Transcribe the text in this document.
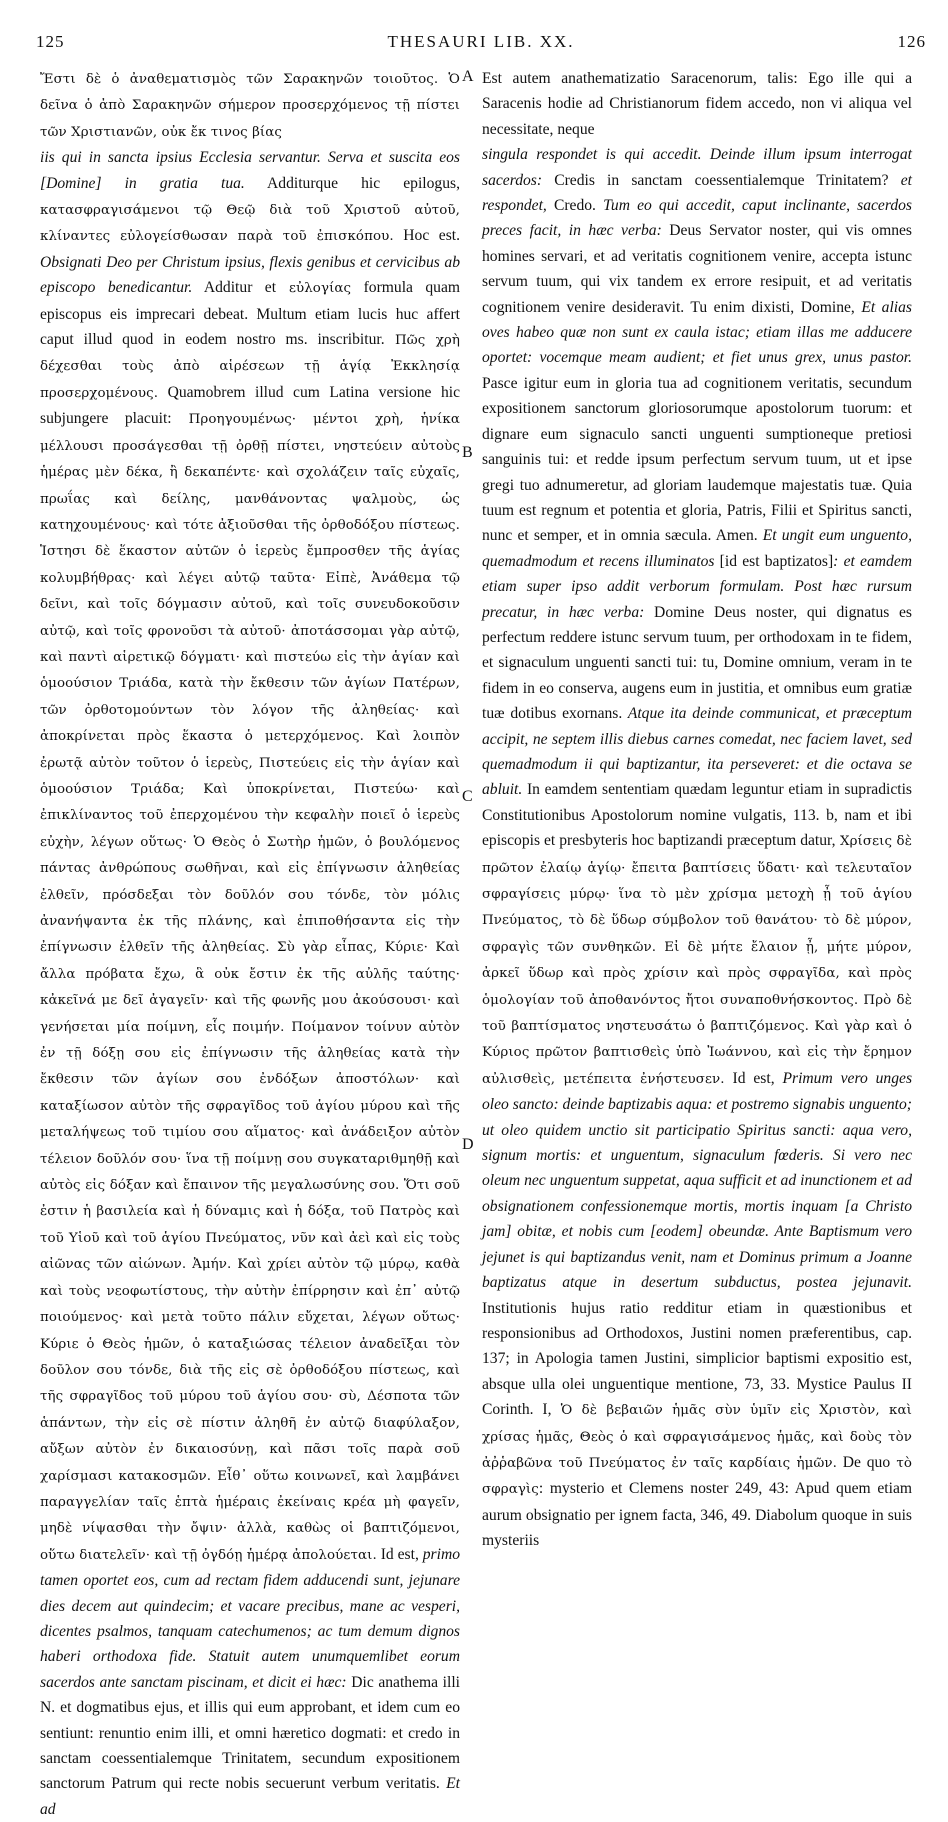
125	THESAURI LIB. XX.	126
A
B
C
D

Ἔστι δὲ ὁ ἀναθεματισμὸς τῶν Σαρακηνῶν τοιοῦτος. Ὁ δεῖνα ὁ ἀπὸ Σαρακηνῶν σήμερον προσερχόμενος τῇ πίστει τῶν Χριστιανῶν, οὐκ ἔκ τινος βίας

iis qui in sancta ipsius Ecclesia servantur. Serva et suscita eos [Domine] in gratia tua. Additurque hic epilogus, κατασφραγισάμενοι τῷ Θεῷ διὰ τοῦ Χριστοῦ αὐτοῦ, κλίναντες εὐλογείσθωσαν παρὰ τοῦ ἐπισκόπου. Hoc est. Obsignati Deo per Christum ipsius, flexis genibus et cervicibus ab episcopo benedicantur. Additur et εὐλογίας formula quam episcopus eis imprecari debeat. Multum etiam lucis huc affert caput illud quod in eodem nostro ms. inscribitur. Πῶς χρὴ δέχεσθαι τοὺς ἀπὸ αἱρέσεων τῇ ἁγίᾳ Ἐκκλησίᾳ προσερχομένους. Quamobrem illud cum Latina versione hic subjungere placuit: Προηγουμένως· μέντοι χρὴ, ἡνίκα μέλλουσι προσάγεσθαι τῇ ὀρθῇ πίστει, νηστεύειν αὐτοὺς ἡμέρας μὲν δέκα, ἢ δεκαπέντε· καὶ σχολάζειν ταῖς εὐχαῖς, πρωΐας καὶ δείλης, μανθάνοντας ψαλμοὺς, ὡς κατηχουμένους· καὶ τότε ἀξιοῦσθαι τῆς ὀρθοδόξου πίστεως. Ἱστησι δὲ ἕκαστον αὐτῶν ὁ ἱερεὺς ἔμπροσθεν τῆς ἁγίας κολυμβήθρας· καὶ λέγει αὐτῷ ταῦτα· Εἰπὲ, Ἀνάθεμα τῷ δεῖνι, καὶ τοῖς δόγμασιν αὐτοῦ, καὶ τοῖς συνευδοκοῦσιν αὐτῷ, καὶ τοῖς φρονοῦσι τὰ αὐτοῦ· ἀποτάσσομαι γὰρ αὐτῷ, καὶ παντὶ αἱρετικῷ δόγματι· καὶ πιστεύω εἰς τὴν ἁγίαν καὶ ὁμοούσιον Τριάδα, κατὰ τὴν ἔκθεσιν τῶν ἁγίων Πατέρων, τῶν ὀρθοτομούντων τὸν λόγον τῆς ἀληθείας· καὶ ἀποκρίνεται πρὸς ἕκαστα ὁ μετερχόμενος. Καὶ λοιπὸν ἐρωτᾷ αὐτὸν τοῦτον ὁ ἱερεὺς, Πιστεύεις εἰς τὴν ἁγίαν καὶ ὁμοούσιον Τριάδα; Καὶ ὑποκρίνεται, Πιστεύω· καὶ ἐπικλίναντος τοῦ ἐπερχομένου τὴν κεφαλὴν ποιεῖ ὁ ἱερεὺς εὐχὴν, λέγων οὕτως· Ὁ Θεὸς ὁ Σωτὴρ ἡμῶν, ὁ βουλόμενος πάντας ἀνθρώπους σωθῆναι, καὶ εἰς ἐπίγνωσιν ἀληθείας ἐλθεῖν, πρόσδεξαι τὸν δοῦλόν σου τόνδε, τὸν μόλις ἀνανήψαντα ἐκ τῆς πλάνης, καὶ ἐπιποθήσαντα εἰς τὴν ἐπίγνωσιν ἐλθεῖν τῆς ἀληθείας. Σὺ γὰρ εἶπας, Κύριε· Καὶ ἄλλα πρόβατα ἔχω, ἃ οὐκ ἔστιν ἐκ τῆς αὐλῆς ταύτης· κἀκεῖνά με δεῖ ἀγαγεῖν· καὶ τῆς φωνῆς μου ἀκούσουσι· καὶ γενήσεται μία ποίμνη, εἷς ποιμήν. Ποίμανον τοίνυν αὐτὸν ἐν τῇ δόξῃ σου εἰς ἐπίγνωσιν τῆς ἀληθείας κατὰ τὴν ἔκθεσιν τῶν ἁγίων σου ἐνδόξων ἀποστόλων· καὶ καταξίωσον αὐτὸν τῆς σφραγῖδος τοῦ ἁγίου μύρου καὶ τῆς μεταλήψεως τοῦ τιμίου σου αἵματος· καὶ ἀνάδειξον αὐτὸν τέλειον δοῦλόν σου· ἵνα τῇ ποίμνῃ σου συγκαταριθμηθῇ καὶ αὐτὸς εἰς δόξαν καὶ ἔπαινον τῆς μεγαλωσύνης σου. Ὅτι σοῦ ἐστιν ἡ βασιλεία καὶ ἡ δύναμις καὶ ἡ δόξα, τοῦ Πατρὸς καὶ τοῦ Υἱοῦ καὶ τοῦ ἁγίου Πνεύματος, νῦν καὶ ἀεὶ καὶ εἰς τοὺς αἰῶνας τῶν αἰώνων. Ἀμήν. Καὶ χρίει αὐτὸν τῷ μύρῳ, καθὰ καὶ τοὺς νεοφωτίστους, τὴν αὐτὴν ἐπίρρησιν καὶ ἐπ᾽ αὐτῷ ποιούμενος· καὶ μετὰ τοῦτο πάλιν εὔχεται, λέγων οὕτως· Κύριε ὁ Θεὸς ἡμῶν, ὁ καταξιώσας τέλειον ἀναδεῖξαι τὸν δοῦλον σου τόνδε, διὰ τῆς εἰς σὲ ὀρθοδόξου πίστεως, καὶ τῆς σφραγῖδος τοῦ μύρου τοῦ ἁγίου σου· σὺ, Δέσποτα τῶν ἁπάντων, τὴν εἰς σὲ πίστιν ἀληθῆ ἐν αὐτῷ διαφύλαξον, αὔξων αὐτὸν ἐν δικαιοσύνῃ, καὶ πᾶσι τοῖς παρὰ σοῦ χαρίσμασι κατακοσμῶν. Εἶθ᾽ οὕτω κοινωνεῖ, καὶ λαμβάνει παραγγελίαν ταῖς ἑπτὰ ἡμέραις ἐκείναις κρέα μὴ φαγεῖν, μηδὲ νίψασθαι τὴν ὄψιν· ἀλλὰ, καθὼς οἱ βαπτιζόμενοι, οὕτω διατελεῖν· καὶ τῇ ὀγδόῃ ἡμέρᾳ ἀπολούεται. Id est, primo tamen oportet eos, cum ad rectam fidem adducendi sunt, jejunare dies decem aut quindecim; et vacare precibus, mane ac vesperi, dicentes psalmos, tanquam catechumenos; ac tum demum dignos haberi orthodoxa fide. Statuit autem unumquemlibet eorum sacerdos ante sanctam piscinam, et dicit ei hæc: Dic anathema illi N. et dogmatibus ejus, et illis qui eum approbant, et idem cum eo sentiunt: renuntio enim illi, et omni hæretico dogmati: et credo in sanctam coessentialemque Trinitatem, secundum expositionem sanctorum Patrum qui recte nobis secuerunt verbum veritatis. Et ad

Est autem anathematizatio Saracenorum, talis: Ego ille qui a Saracenis hodie ad Christianorum fidem accedo, non vi aliqua vel necessitate, neque

singula respondet is qui accedit. Deinde illum ipsum interrogat sacerdos: Credis in sanctam coessentialemque Trinitatem? et respondet, Credo. Tum eo qui accedit, caput inclinante, sacerdos preces facit, in hæc verba: Deus Servator noster, qui vis omnes homines servari, et ad veritatis cognitionem venire, accepta istunc servum tuum, qui vix tandem ex errore resipuit, et ad veritatis cognitionem venire desideravit. Tu enim dixisti, Domine, Et alias oves habeo quæ non sunt ex caula istac; etiam illas me adducere oportet: vocemque meam audient; et fiet unus grex, unus pastor. Pasce igitur eum in gloria tua ad cognitionem veritatis, secundum expositionem sanctorum gloriosorumque apostolorum tuorum: et dignare eum signaculo sancti unguenti sumptioneque pretiosi sanguinis tui: et redde ipsum perfectum servum tuum, ut et ipse gregi tuo adnumeretur, ad gloriam laudemque majestatis tuæ. Quia tuum est regnum et potentia et gloria, Patris, Filii et Spiritus sancti, nunc et semper, et in omnia sæcula. Amen. Et ungit eum unguento, quemadmodum et recens illuminatos [id est baptizatos]: et eamdem etiam super ipso addit verborum formulam. Post hæc rursum precatur, in hæc verba: Domine Deus noster, qui dignatus es perfectum reddere istunc servum tuum, per orthodoxam in te fidem, et signaculum unguenti sancti tui: tu, Domine omnium, veram in te fidem in eo conserva, augens eum in justitia, et omnibus eum gratiæ tuæ dotibus exornans. Atque ita deinde communicat, et præceptum accipit, ne septem illis diebus carnes comedat, nec faciem lavet, sed quemadmodum ii qui baptizantur, ita perseveret: et die octava se abluit. In eamdem sententiam quædam leguntur etiam in supradictis Constitutionibus Apostolorum nomine vulgatis, 113. b, nam et ibi episcopis et presbyteris hoc baptizandi præceptum datur, Χρίσεις δὲ πρῶτον ἐλαίῳ ἁγίῳ· ἔπειτα βαπτίσεις ὕδατι· καὶ τελευταῖον σφραγίσεις μύρῳ· ἵνα τὸ μὲν χρίσμα μετοχὴ ᾖ τοῦ ἁγίου Πνεύματος, τὸ δὲ ὕδωρ σύμβολον τοῦ θανάτου· τὸ δὲ μύρον, σφραγὶς τῶν συνθηκῶν. Εἰ δὲ μήτε ἔλαιον ᾖ, μήτε μύρον, ἀρκεῖ ὕδωρ καὶ πρὸς χρίσιν καὶ πρὸς σφραγῖδα, καὶ πρὸς ὁμολογίαν τοῦ ἀποθανόντος ἤτοι συναποθνήσκοντος. Πρὸ δὲ τοῦ βαπτίσματος νηστευσάτω ὁ βαπτιζόμενος. Καὶ γὰρ καὶ ὁ Κύριος πρῶτον βαπτισθεὶς ὑπὸ Ἰωάννου, καὶ εἰς τὴν ἔρημον αὐλισθεὶς, μετέπειτα ἐνήστευσεν. Id est, Primum vero unges oleo sancto: deinde baptizabis aqua: et postremo signabis unguento; ut oleo quidem unctio sit participatio Spiritus sancti: aqua vero, signum mortis: et unguentum, signaculum fœderis. Si vero nec oleum nec unguentum suppetat, aqua sufficit et ad inunctionem et ad obsignationem confessionemque mortis, mortis inquam [a Christo jam] obitæ, et nobis cum [eodem] obeundæ. Ante Baptismum vero jejunet is qui baptizandus venit, nam et Dominus primum a Joanne baptizatus atque in desertum subductus, postea jejunavit. Institutionis hujus ratio redditur etiam in quæstionibus et responsionibus ad Orthodoxos, Justini nomen præferentibus, cap. 137; in Apologia tamen Justini, simplicior baptismi expositio est, absque ulla olei unguentique mentione, 73, 33. Mystice Paulus II Corinth. I, Ὁ δὲ βεβαιῶν ἡμᾶς σὺν ὑμῖν εἰς Χριστὸν, καὶ χρίσας ἡμᾶς, Θεὸς ὁ καὶ σφραγισάμενος ἡμᾶς, καὶ δοὺς τὸν ἀῤῥαβῶνα τοῦ Πνεύματος ἐν ταῖς καρδίαις ἡμῶν. De quo τὸ σφραγὶς: mysterio et Clemens noster 249, 43: Apud quem etiam aurum obsignatio per ignem facta, 346, 49. Diabolum quoque in suis mysteriis
